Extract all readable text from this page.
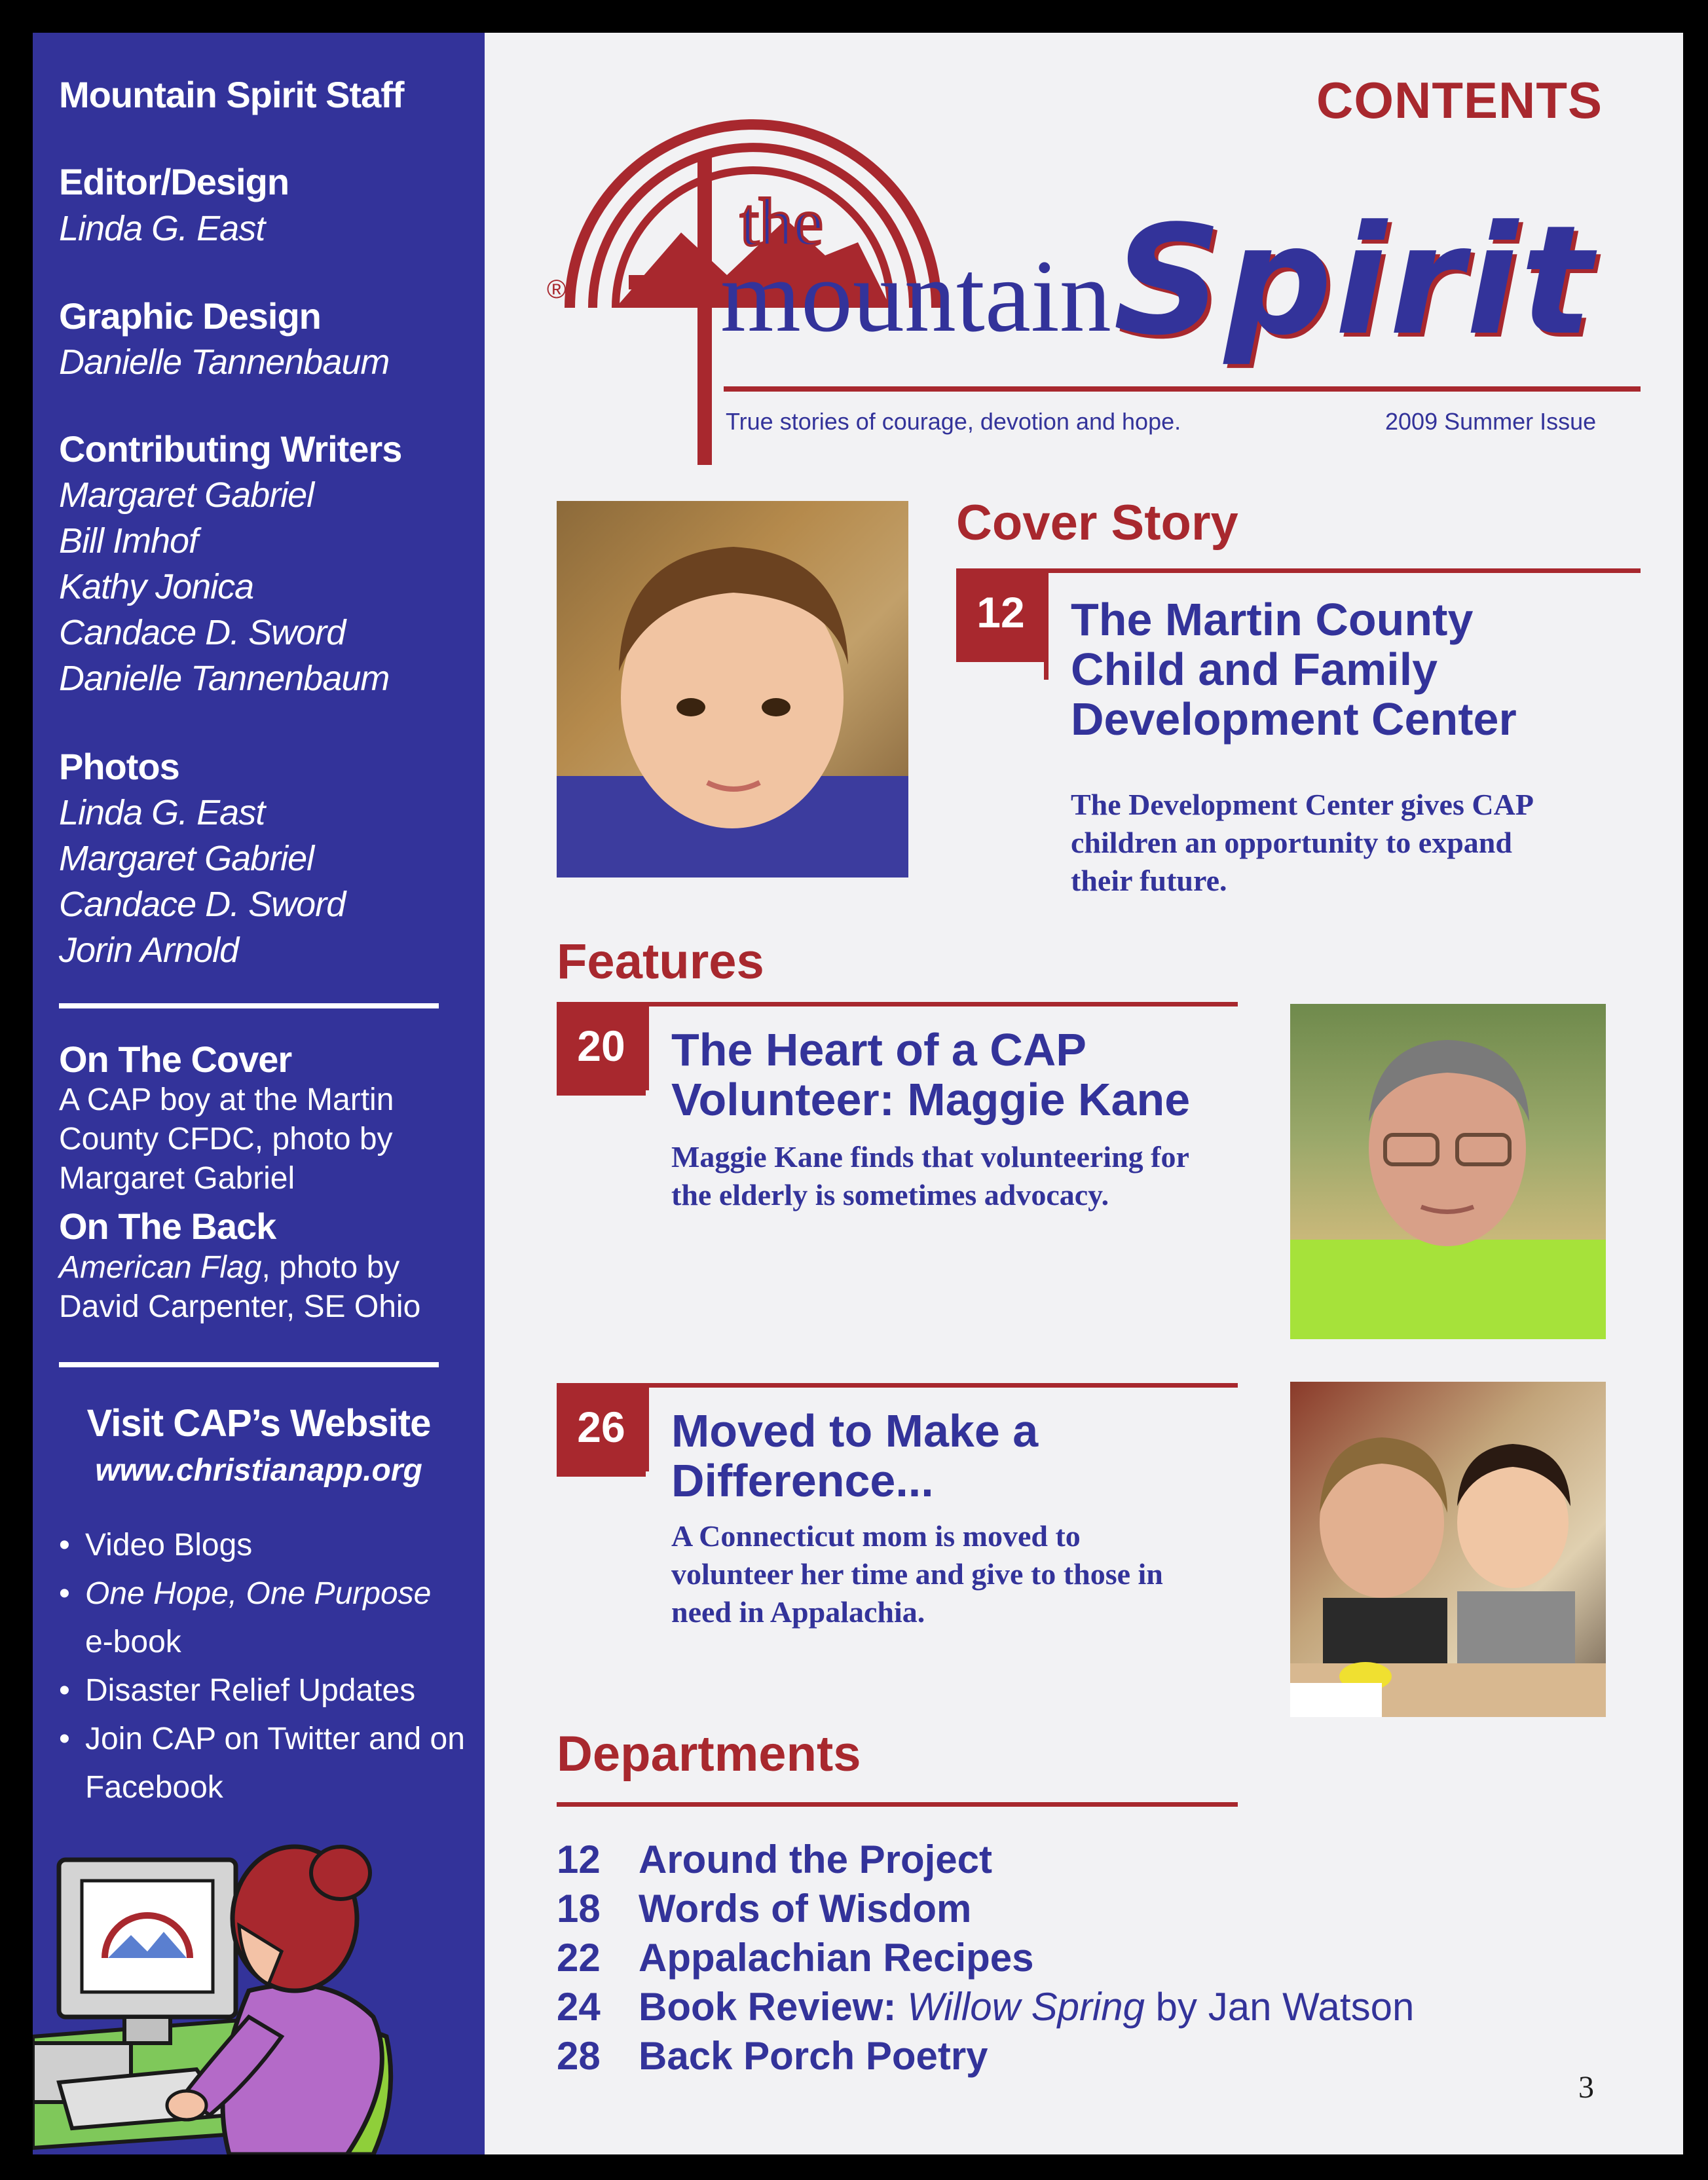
Mountain Spirit Staff
Editor/Design
Linda G. East
Graphic Design
Danielle Tannenbaum
Contributing Writers
Margaret Gabriel
Bill Imhof
Kathy Jonica
Candace D. Sword
Danielle Tannenbaum
Photos
Linda G. East
Margaret Gabriel
Candace D. Sword
Jorin Arnold
On The Cover
A CAP boy at the Martin
County CFDC, photo by
Margaret Gabriel
On The Back
American Flag, photo by
David Carpenter, SE Ohio
Visit CAP’s Website
www.christianapp.org
• Video Blogs
• One Hope, One Purpose
e-book
• Disaster Relief Updates
• Join CAP on Twitter and on
Facebook
CONTENTS
®
the
mountain Spirit
True stories of courage, devotion and hope.	2009 Summer Issue
Cover Story
12	The Martin County
Child and Family
Development Center
The Development Center gives CAP
children an opportunity to expand
their future.
Features
20	The Heart of a CAP
Volunteer: Maggie Kane
Maggie Kane finds that volunteering for
the elderly is sometimes advocacy.
26	Moved to Make a
Difference...
A Connecticut mom is moved to
volunteer her time and give to those in
need in Appalachia.
Departments
12 Around the Project
18 Words of Wisdom
22 Appalachian Recipes
24 Book Review: Willow Spring by Jan Watson
28 Back Porch Poetry
3
